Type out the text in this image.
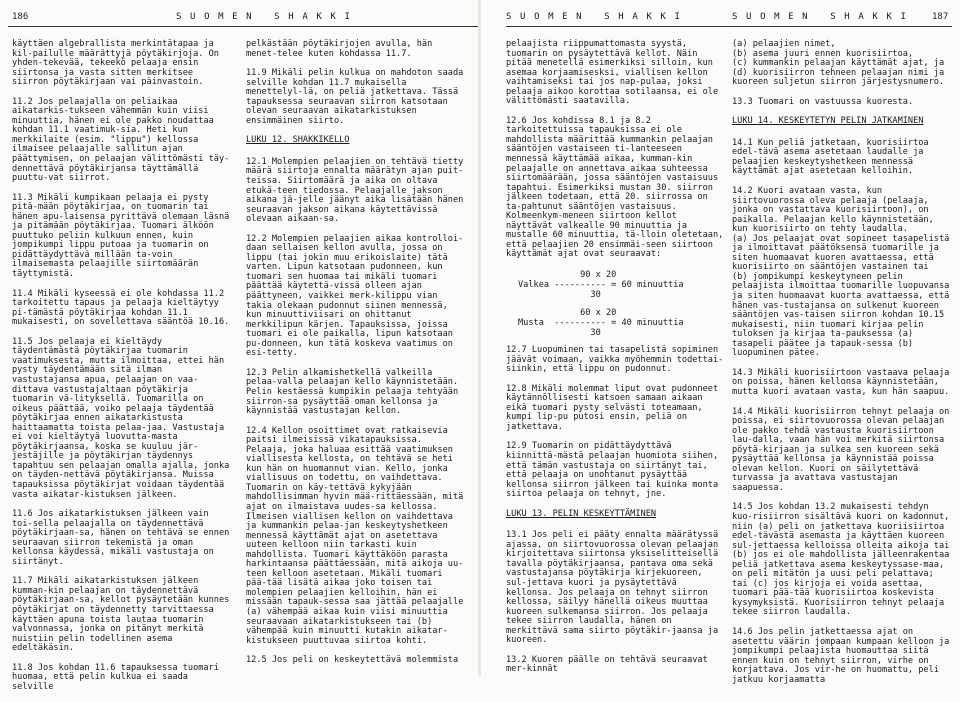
186	S U O M E N   S H A K K I

käyttäen algebrallista merkintätapaa ja kil-pailulle määrättyjä pöytäkirjoja. On yhden-tekevää, tekeekö pelaaja ensin siirtonsa ja vasta sitten merkitsee siirron pöytäkirjaan vai päinvastoin.

11.2 Jos pelaajalla on peliaikaa aikatarkis-tukseen vähemmän kuin viisi minuuttia, hänen ei ole pakko noudattaa kohdan 11.1 vaatimuk-sia. Heti kun merkkilaite (esim. "lippu") kellossa ilmaisee pelaajalle sallitun ajan päättymisen, on pelaajan välittömästi täy-dennettävä pöytäkirjansa täyttämällä puuttu-vat siirrot.

11.3 Mikäli kumpikaan pelaaja ei pysty pitä-mään pöytäkirjaa, on tuomarin tai hänen apu-laisensa pyrittävä olemaan läsnä ja pitämään pöytäkirjaa. Tuomari älköön puuttuko peliin kulkuun ennen, kuin jompikumpi lippu putoaa ja tuomarin on pidättäydyttävä millään ta-voin ilmaisemasta pelaajille siirtomäärän täyttymistä.

11.4 Mikäli kyseessä ei ole kohdassa 11.2 tarkoitettu tapaus ja pelaaja kieltäytyy pi-tämästä pöytäkirjaa kohdan 11.1 mukaisesti, on sovellettava sääntöä 10.16.

11.5 Jos pelaaja ei kieltäydy täydentämästä pöytäkirjaa tuomarin vaatimuksesta, mutta ilmoittaa, ettei hän pysty täydentämään sitä ilman vastustajansa apua, pelaajan on vaa-dittava vastustajaltaan pöytäkirja tuomarin vä-lityksellä. Tuomarilla on oikeus päättää, voiko pelaaja täydentää pöytäkirjaa ennen aikatarkistusta haittaamatta toista pelaa-jaa. Vastustaja ei voi kieltäytyä luovutta-masta pöytäkirjaansa, koska se kuuluu jär-jestäjille ja pöytäkirjan täydennys tapahtuu sen pelaajan omalla ajalla, jonka on täyden-nettävä pöytäkirjansa. Muissa tapauksissa pöytäkirjat voidaan täydentää vasta aikatar-kistuksen jälkeen.

11.6 Jos aikatarkistuksen jälkeen vain toi-sella pelaajalla on täydennettävä pöytäkirjaan-sa, hänen on tehtävä se ennen seuraavan siirron tekemistä ja oman kellonsa käydessä, mikäli vastustaja on siirtänyt.

11.7 Mikäli aikatarkistuksen jälkeen kumman-kin pelaajan on täydennettävä pöytäkirjaan-sa, kellot pysäytetään kunnes pöytäkirjat on täydennetty tarvittaessa käyttäen apuna toista lautaa tuomarin valvonnassa, jonka on pitänyt merkitä nuistiin pelin todellinen asema edeltäkäsin.

11.8 Jos kohdan 11.6 tapauksessa tuomari huomaa, että pelin kulkua ei saada selville

pelkästään pöytäkirjojen avulla, hän menet-telee kuten kohdassa 11.7.

11.9 Mikäli pelin kulkua on mahdoton saada selville kohdan 11.7 mukaisella menettelyl-lä, on peliä jatkettava. Tässä tapauksessa seuraavan siirron katsotaan olevan seuraavan aikatarkistuksen ensimmäinen siirto.

LUKU 12. SHAKKIKELLO

12.1 Molempien pelaajien on tehtävä tietty määrä siirtoja ennalta määrätyn ajan puit-teissa. Siirtomäärä ja aika on oltava etukä-teen tiedossa. Pelaajalle jakson aikana jä-jelle jäänyt aika lisätään hänen seuraavan jakson aikana käytettävissä olevaan aikaan-sa.

12.2 Molempien pelaajien aikaa kontrolloi-daan sellaisen kellon avulla, jossa on lippu (tai jokin muu erikoislaite) tätä varten. Lipun katsotaan pudonneen, kun tuomari sen huomaa tai mikäli tuomari päättää käytettä-vissä olleen ajan päättyneen, vaikkei merk-kilippu vian takia olekaan pudonnut siinen mennessä, kun minuuttiviisari on ohittanut merkkilipun kärjen. Tapauksissa, joissa tuomari ei ole paikalla, lipun katsotaan pu-donneen, kun tätä koskeva vaatimus on esi-tetty.

12.3 Pelin alkamishetkellä valkeilla pelaa-valla pelaajan kello käynnistetään. Pelin kestäessä kumpikin pelaaja tehtyään siirron-sa pysäyttää oman kellonsa ja käynnistää vastustajan kellon.

12.4 Kellon osoittimet ovat ratkaisevia paitsi ilmeisissä vikatapauksissa. Pelaaja, joka haluaa esittää vaatimuksen viallisesta kellosta, on tehtävä se heti kun hän on huomannut vian. Kello, jonka viallisuus on todettu, on vaihdettava. Tuomarin on käy-tettävä kykyjään mahdollisimman hyvin mää-rittäessään, mitä ajat on ilmaistava uudes-sa kellossa. Ilmeisen viallisen kellon on vaihdettava ja kummankin pelaa-jan keskeytyshetkeen mennessä käyttämät ajat on asetettava uuteen kelloon niin tarkasti kuin mahdollista. Tuomari käyttäköön parasta harkintaansa päättäessään, mitä aikoja uu-teen kelloon asetetaan. Mikäli tuomari pää-tää lisätä aikaa joko toisen tai molempien pelaajien kelloihin, hän ei missään tapauk-sessa saa jättää pelaajalle (a) vähempää aikaa kuin viisi minuuttia seuraavaan aikatarkistukseen tai (b) vähempää kuin minuutti kutakin aikatar-kistukseen puuttuvaa siirtoa kohti.

12.5 Jos peli on keskeytettävä molemmista

S U O M E N   S H A K K I	S U O M E N   S H A K K I	187

pelaajista riippumattomasta syystä, tuomarin on pysäytettävä kellot. Näin pitää menetellä esimerkiksi silloin, kun asemaa korjaamisesksi, viallisen kellon vaihtamiseksi tai jos nap-pulaa, joksi pelaaja aikoo korottaa sotilaansa, ei ole välittömästi saatavilla.

12.6 Jos kohdissa 8.1 ja 8.2 tarkoitettuissa tapauksissa ei ole mahdollista määrittää kummankin pelaajan sääntöjen vastaiseen ti-lanteeseen mennessä käyttämää aikaa, kumman-kin pelaajalle on annettava aikaa suhteessa siirtomäärään, jossa sääntöjen vastaisuus tapahtui. Esimerkiksi mustan 30. siirron jälkeen todetaan, että 20. siirrossa on ta-pahtunut sääntöjen vastaisuus. Kolmeenkym-meneen siirtoon kellot näyttävät valkealle 90 minuuttia ja mustalle 60 minuuttia, tä-lloin oletetaan, että pelaajien 20 ensimmäi-seen siirtoon käyttämät ajat ovat seuraavat:

90 x 20
Valkea ---------- = 60 minuuttia
30
60 x 20
Musta  ---------- = 40 minuuttia
30

12.7 Luopuminen tai tasapelistä sopiminen jäävät voimaan, vaikka myöhemmin todettai-siinkin, että lippu on pudonnut.

12.8 Mikäli molemmat liput ovat pudonneet käytännöllisesti katsoen samaan aikaan eikä tuomari pysty selvästi toteamaan, kumpi lip-pu putosi ensin, peliä on jatkettava.

12.9 Tuomarin on pidättäydyttävä kiinnittä-mästä pelaajan huomiota siihen, että tämän vastustaja on siirtänyt tai, että pelaaja on unohtanut pysäyttää kellonsa siirron jälkeen tai kuinka monta siirtoa pelaaja on tehnyt, jne.

LUKU 13. PELIN KESKEYTTÄMINEN

13.1 Jos peli ei pääty ennalta määrätyssä ajassa, on siirtovuorossa olevan pelaajan kirjoitettava siirtonsa yksiselitteisellä tavalla pöytäkirjaansa, pantava oma sekä vastustajansa pöytäkirja kirjekuoreen, sul-jettava kuori ja pysäytettävä kellonsa. Jos pelaaja on tehnyt siirron kellossa, säilyy hänellä oikeus muuttaa kuoreen sulkemansa siirron. Jos pelaaja tekee siirron laudalla, hänen on merkittävä sama siirto pöytäkir-jaansa ja kuoreen.

13.2 Kuoren päälle on tehtävä seuraavat mer-kinnät

(a) pelaajien nimet,
(b) asema juuri ennen kuorisiirtoa,
(c) kummankin pelaajan käyttämät ajat, ja
(d) kuorisiirron tehneen pelaajan nimi ja kuoreen suljetun siirron järjestysnumero.

13.3 Tuomari on vastuussa kuoresta.

LUKU 14. KESKEYTETYN PELIN JATKAMINEN

14.1 Kun peliä jatketaan, kuorisiirtoa edel-tävä asema asetetaan laudalle ja pelaajien keskeytyshetkeen mennessä käyttämät ajat asetetaan kelloihin.

14.2 Kuori avataan vasta, kun siirtovuorossa oleva pelaaja (pelaaja, jonka on vastattava kuorisiirtoon), on paikalla. Pelaajan kello käynnistetään, kun kuorisiirto on tehty laudalla.
(a) Jos pelaajat ovat sopineet tasapelistä ja ilmoittavat päätöksensä tuomarille ja siten huomaavat kuoren avattaessa, että kuorisiirto on sääntöjen vastainen tai
(b) jompikumpi keskeytyneen pelin pelaajista ilmoittaa tuomarille luopuvansa ja siten huomaavat kuorta avattaessa, että hänen vas-tustajansa on sulkenut kuoreen sääntöjen vas-taisen siirron kohdan 10.15 mukaisesti, niin tuomari kirjaa pelin tuloksen ja kirjaa ta-pauksessa (a) tasapeli päätee ja tapauk-sessa (b) luopuminen pätee.

14.3 Mikäli kuorisiirtoon vastaava pelaaja on poissa, hänen kellonsa käynnistetään, mutta kuori avataan vasta, kun hän saapuu.

14.4 Mikäli kuorisiirron tehnyt pelaaja on poissa, ei siirtovuorossa olevan pelaajan ole pakko tehdä vastausta kuorisiirtoon lau-dalla, vaan hän voi merkitä siirtonsa pöytä-kirjaan ja sulkea sen kuoreen sekä pysäyttää kellonsa ja käynnistää poissa olevan kellon. Kuori on säilytettävä turvassa ja avattava vastustajan saapuessa.

14.5 Jos kohdan 13.2 mukaisesti tehdyn kuo-risiirron sisältävä kuori on kadonnut, niin (a) peli on jatkettava kuoriisiirtoa edel-tävästä asemasta ja käyttäen kuoreen sul-jettaessa kelloissa olleita aikoja tai (b) jos ei ole mahdollista jälleenrakentaa peliä jatkettava asema keskeytyssase-maa, on peli mitätön ja uusi peli pelattava; tai (c) jos kirjoja ei voida asettaa, tuomari pää-tää kuorisiirtoa koskevista kysymyksistä. Kuorisiirron tehnyt pelaaja tekee siirron laudalla.

14.6 Jos pelin jatkettaessa ajat on asetettu väärin jompaan kumpaan kelloon ja jompikumpi pelaajista huomauttaa siitä ennen kuin on tehnyt siirron, virhe on korjattava. Jos vir-he on huomattu, peli jatkuu korjaamatta
